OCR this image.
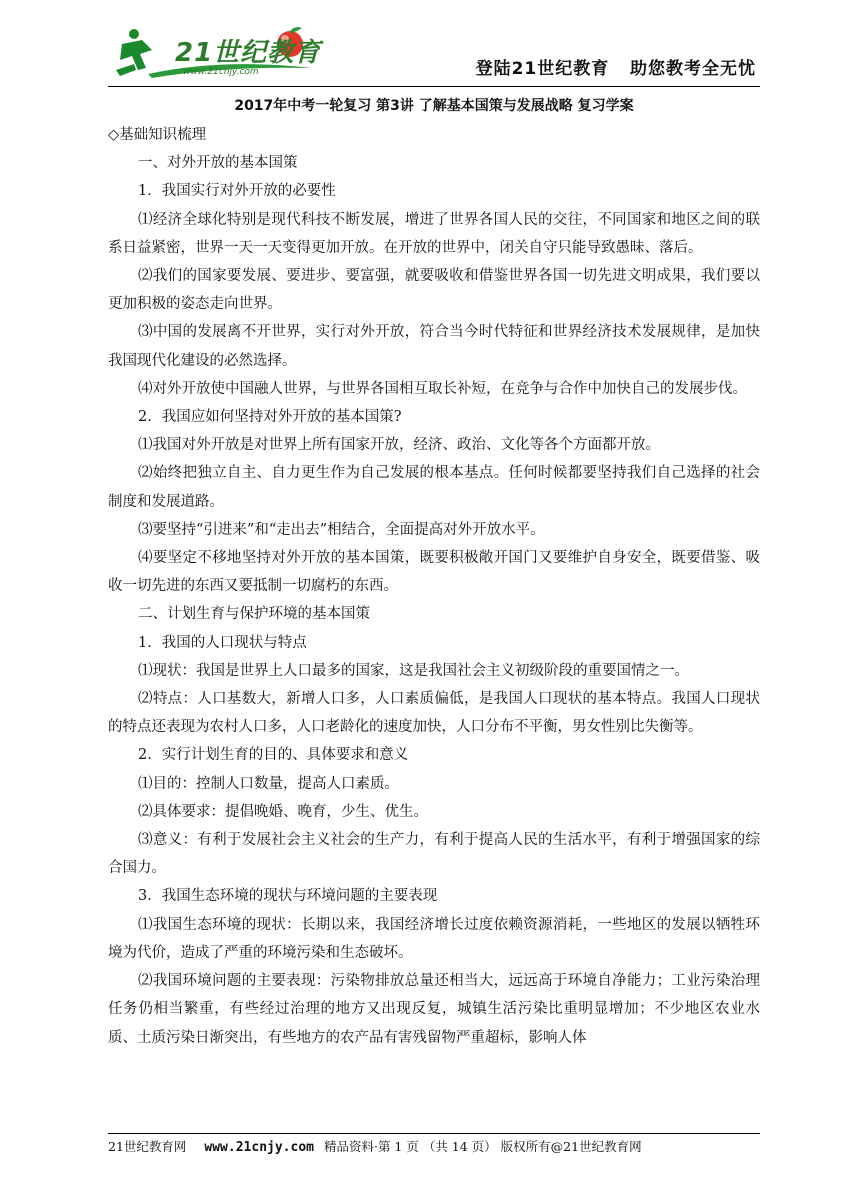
21世纪教育
www.21cnjy.com	登陆21世纪教育   助您教考全无忧

2017年中考一轮复习 第3讲 了解基本国策与发展战略 复习学案

◇基础知识梳理

一、对外开放的基本国策

1．我国实行对外开放的必要性

⑴经济全球化特别是现代科技不断发展，增进了世界各国人民的交往，不同国家和地区之间的联系日益紧密，世界一天一天变得更加开放。在开放的世界中，闭关自守只能导致愚昧、落后。

⑵我们的国家要发展、要进步、要富强，就要吸收和借鉴世界各国一切先进文明成果，我们要以更加积极的姿态走向世界。

⑶中国的发展离不开世界，实行对外开放，符合当今时代特征和世界经济技术发展规律，是加快我国现代化建设的必然选择。

⑷对外开放使中国融人世界，与世界各国相互取长补短，在竞争与合作中加快自己的发展步伐。

2．我国应如何坚持对外开放的基本国策?

⑴我国对外开放是对世界上所有国家开放，经济、政治、文化等各个方面都开放。

⑵始终把独立自主、自力更生作为自己发展的根本基点。任何时候都要坚持我们自己选择的社会制度和发展道路。

⑶要坚持“引进来”和“走出去”相结合，全面提高对外开放水平。

⑷要坚定不移地坚持对外开放的基本国策，既要积极敞开国门又要维护自身安全，既要借鉴、吸收一切先进的东西又要抵制一切腐朽的东西。

二、计划生育与保护环境的基本国策

1．我国的人口现状与特点

⑴现状：我国是世界上人口最多的国家，这是我国社会主义初级阶段的重要国情之一。

⑵特点：人口基数大，新增人口多，人口素质偏低，是我国人口现状的基本特点。我国人口现状的特点还表现为农村人口多，人口老龄化的速度加快，人口分布不平衡，男女性别比失衡等。

2．实行计划生育的目的、具体要求和意义

⑴目的：控制人口数量，提高人口素质。

⑵具体要求：提倡晚婚、晚育，少生、优生。

⑶意义：有利于发展社会主义社会的生产力，有利于提高人民的生活水平，有利于增强国家的综合国力。

3．我国生态环境的现状与环境问题的主要表现

⑴我国生态环境的现状：长期以来，我国经济增长过度依赖资源消耗，一些地区的发展以牺牲环境为代价，造成了严重的环境污染和生态破坏。

⑵我国环境问题的主要表现：污染物排放总量还相当大，远远高于环境自净能力；工业污染治理任务仍相当繁重，有些经过治理的地方又出现反复，城镇生活污染比重明显增加；不少地区农业水质、土质污染日渐突出，有些地方的农产品有害残留物严重超标，影响人体

21世纪教育网 www.21cnjy.com 精品资料·第 1 页 （共 14 页） 版权所有@21世纪教育网
